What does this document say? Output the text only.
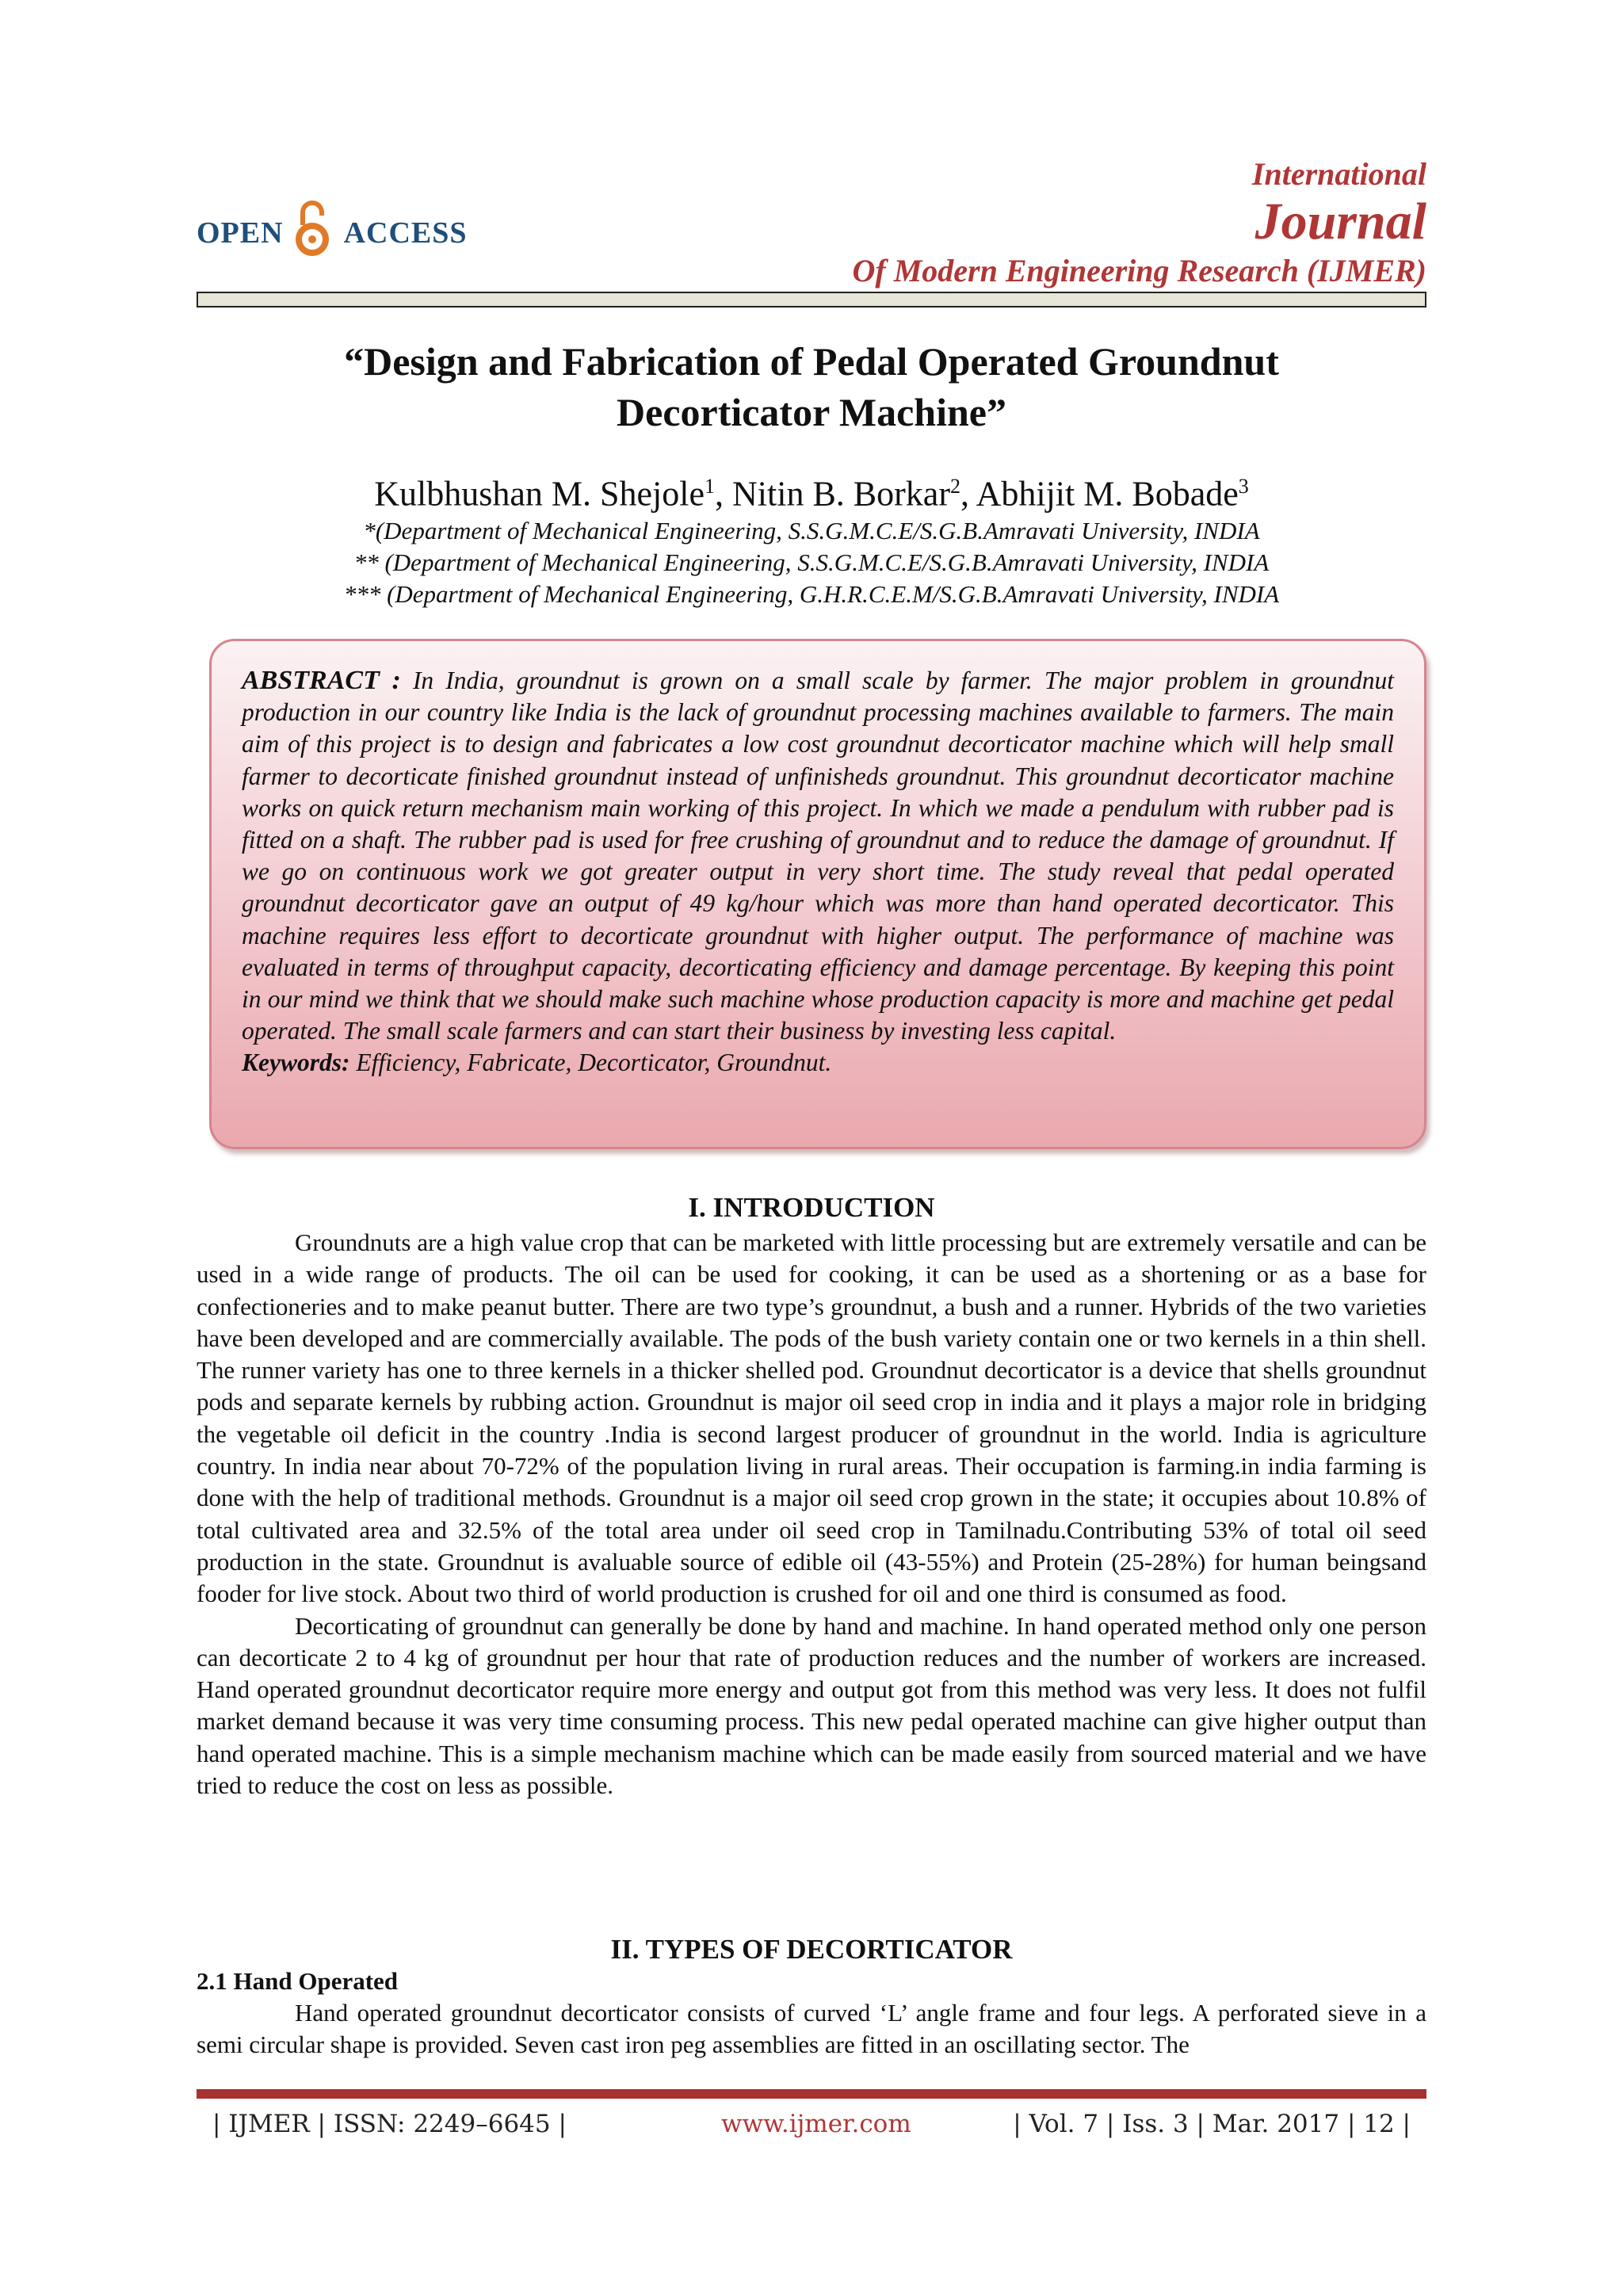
OPEN ACCESS
International
Journal
Of Modern Engineering Research (IJMER)
“Design and Fabrication of Pedal Operated Groundnut
Decorticator Machine”
Kulbhushan M. Shejole$^1$, Nitin B. Borkar$^2$, Abhijit M. Bobade$^3$
*(Department of Mechanical Engineering, S.S.G.M.C.E/S.G.B.Amravati University, INDIA
** (Department of Mechanical Engineering, S.S.G.M.C.E/S.G.B.Amravati University, INDIA
*** (Department of Mechanical Engineering, G.H.R.C.E.M/S.G.B.Amravati University, INDIA
ABSTRACT : In India, groundnut is grown on a small scale by farmer. The major problem in groundnut production in our country like India is the lack of groundnut processing machines available to farmers. The main aim of this project is to design and fabricates a low cost groundnut decorticator machine which will help small farmer to decorticate finished groundnut instead of unfinisheds groundnut. This groundnut decorticator machine works on quick return mechanism main working of this project. In which we made a pendulum with rubber pad is fitted on a shaft. The rubber pad is used for free crushing of groundnut and to reduce the damage of groundnut. If we go on continuous work we got greater output in very short time. The study reveal that pedal operated groundnut decorticator gave an output of 49 kg/hour which was more than hand operated decorticator. This machine requires less effort to decorticate groundnut with higher output. The performance of machine was evaluated in terms of throughput capacity, decorticating efficiency and damage percentage. By keeping this point in our mind we think that we should make such machine whose production capacity is more and machine get pedal operated. The small scale farmers and can start their business by investing less capital.
Keywords: Efficiency, Fabricate, Decorticator, Groundnut.
I. INTRODUCTION

Groundnuts are a high value crop that can be marketed with little processing but are extremely versatile and can be used in a wide range of products. The oil can be used for cooking, it can be used as a shortening or as a base for confectioneries and to make peanut butter. There are two type’s groundnut, a bush and a runner. Hybrids of the two varieties have been developed and are commercially available. The pods of the bush variety contain one or two kernels in a thin shell. The runner variety has one to three kernels in a thicker shelled pod. Groundnut decorticator is a device that shells groundnut pods and separate kernels by rubbing action. Groundnut is major oil seed crop in india and it plays a major role in bridging the vegetable oil deficit in the country .India is second largest producer of groundnut in the world. India is agriculture country. In india near about 70-72% of the population living in rural areas. Their occupation is farming.in india farming is done with the help of traditional methods. Groundnut is a major oil seed crop grown in the state; it occupies about 10.8% of total cultivated area and 32.5% of the total area under oil seed crop in Tamilnadu.Contributing 53% of total oil seed production in the state. Groundnut is avaluable source of edible oil (43-55%) and Protein (25-28%) for human beingsand fooder for live stock. About two third of world production is crushed for oil and one third is consumed as food.

Decorticating of groundnut can generally be done by hand and machine. In hand operated method only one person can decorticate 2 to 4 kg of groundnut per hour that rate of production reduces and the number of workers are increased. Hand operated groundnut decorticator require more energy and output got from this method was very less. It does not fulfil market demand because it was very time consuming process. This new pedal operated machine can give higher output than hand operated machine. This is a simple mechanism machine which can be made easily from sourced material and we have tried to reduce the cost on less as possible.

II. TYPES OF DECORTICATOR
2.1 Hand Operated

Hand operated groundnut decorticator consists of curved ‘L’ angle frame and four legs. A perforated sieve in a semi circular shape is provided. Seven cast iron peg assemblies are fitted in an oscillating sector. The

| IJMER | ISSN: 2249–6645 |	www.ijmer.com	| Vol. 7 | Iss. 3 | Mar. 2017 | 12 |
